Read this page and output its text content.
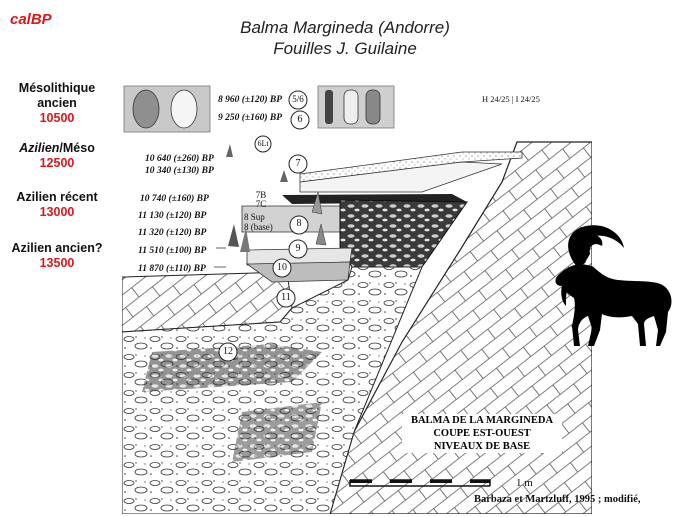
calBP	Balma Margineda (Andorre)
Fouilles J. Guilaine
Mésolithique
ancien
10500
Azilien/Méso
12500
Azilien récent
13000
Azilien ancien?
13500
H 24/25 | I 24/25
8 960 (±120) BP
9 250 (±160) BP
10 640 (±260) BP
10 340 (±130) BP
10 740 (±160) BP
11 130 (±120) BP
11 320 (±120) BP
11 510 (±100) BP
11 870 (±110) BP
5/6
6
6Lt
7
7B
7C
8 Sup
8 (base)	8
9
10
11
12
BALMA DE LA MARGINEDA
COUPE EST-OUEST
NIVEAUX DE BASE
1 m
Barbaza et Martzluff, 1995 ; modifié,
